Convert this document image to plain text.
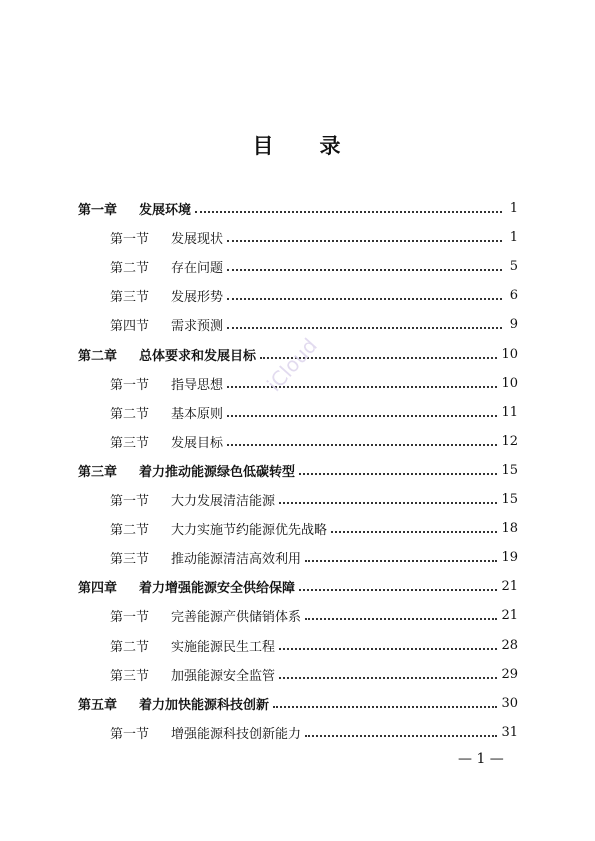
目 录
第一章 发展环境	1
第一节 发展现状	1
第二节 存在问题	5
第三节 发展形势	6
第四节 需求预测	9
第二章 总体要求和发展目标	10
第一节 指导思想	10
第二节 基本原则	11
第三节 发展目标	12
第三章 着力推动能源绿色低碳转型	15
第一节 大力发展清洁能源	15
第二节 大力实施节约能源优先战略	18
第三节 推动能源清洁高效利用	19
第四章 着力增强能源安全供给保障	21
第一节 完善能源产供储销体系	21
第二节 实施能源民生工程	28
第三节 加强能源安全监管	29
第五章 着力加快能源科技创新	30
第一节 增强能源科技创新能力	31
iCloud
— 1 —
